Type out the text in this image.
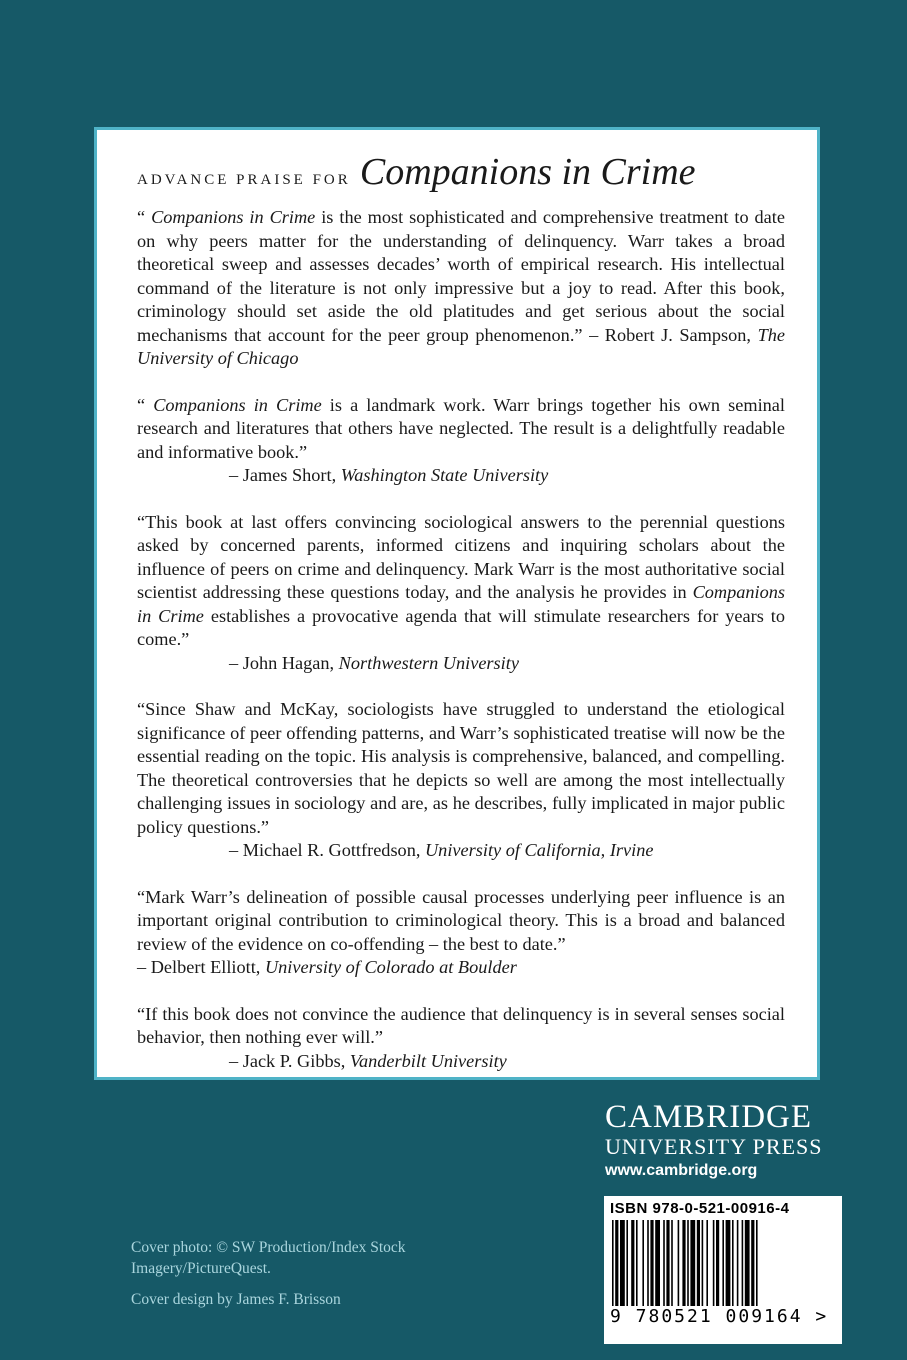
ADVANCE PRAISE FOR Companions in Crime

“ Companions in Crime is the most sophisticated and comprehensive treatment to date on why peers matter for the understanding of delinquency. Warr takes a broad theoretical sweep and assesses decades’ worth of empirical research. His intellectual command of the literature is not only impressive but a joy to read. After this book, criminology should set aside the old platitudes and get serious about the social mechanisms that account for the peer group phenomenon.” – Robert J. Sampson, The University of Chicago

“ Companions in Crime is a landmark work. Warr brings together his own seminal research and literatures that others have neglected. The result is a delightfully readable and informative book.”

– James Short, Washington State University

“This book at last offers convincing sociological answers to the perennial questions asked by concerned parents, informed citizens and inquiring scholars about the influence of peers on crime and delinquency. Mark Warr is the most authoritative social scientist addressing these questions today, and the analysis he provides in Companions in Crime establishes a provocative agenda that will stimulate researchers for years to come.”

– John Hagan, Northwestern University

“Since Shaw and McKay, sociologists have struggled to understand the etiological significance of peer offending patterns, and Warr’s sophisticated treatise will now be the essential reading on the topic. His analysis is comprehensive, balanced, and compelling. The theoretical controversies that he depicts so well are among the most intellectually challenging issues in sociology and are, as he describes, fully implicated in major public policy questions.”

– Michael R. Gottfredson, University of California, Irvine

“Mark Warr’s delineation of possible causal processes underlying peer influence is an important original contribution to criminological theory. This is a broad and balanced review of the evidence on co-offending – the best to date.”

– Delbert Elliott, University of Colorado at Boulder

“If this book does not convince the audience that delinquency is in several senses social behavior, then nothing ever will.”

– Jack P. Gibbs, Vanderbilt University

CAMBRIDGE
UNIVERSITY PRESS
www.cambridge.org
ISBN 978-0-521-00916-4
9 780521 009164 >

Cover photo: © SW Production/Index Stock Imagery/PictureQuest.

Cover design by James F. Brisson
